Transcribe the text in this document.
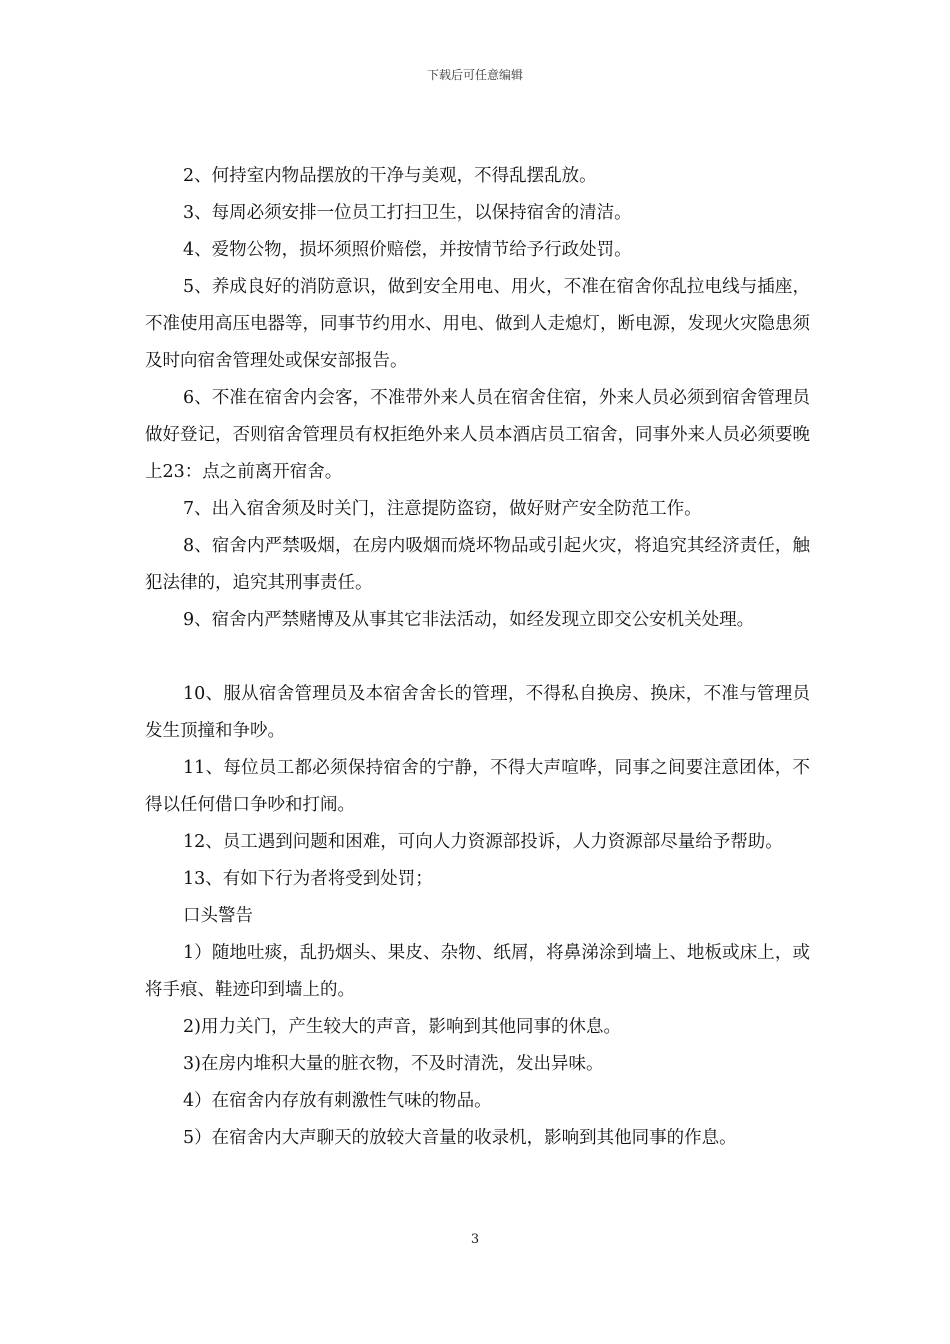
下载后可任意编辑

2、何持室内物品摆放的干净与美观，不得乱摆乱放。

3、每周必须安排一位员工打扫卫生，以保持宿舍的清洁。

4、爱物公物，损坏须照价赔偿，并按情节给予行政处罚。

5、养成良好的消防意识，做到安全用电、用火，不准在宿舍你乱拉电线与插座，不准使用高压电器等，同事节约用水、用电、做到人走熄灯，断电源，发现火灾隐患须及时向宿舍管理处或保安部报告。

6、不准在宿舍内会客，不准带外来人员在宿舍住宿，外来人员必须到宿舍管理员做好登记，否则宿舍管理员有权拒绝外来人员本酒店员工宿舍，同事外来人员必须要晚上23：点之前离开宿舍。

7、出入宿舍须及时关门，注意提防盗窃，做好财产安全防范工作。

8、宿舍内严禁吸烟，在房内吸烟而烧坏物品或引起火灾，将追究其经济责任，触犯法律的，追究其刑事责任。

9、宿舍内严禁赌博及从事其它非法活动，如经发现立即交公安机关处理。

10、服从宿舍管理员及本宿舍舍长的管理，不得私自换房、换床，不准与管理员发生顶撞和争吵。

11、每位员工都必须保持宿舍的宁静，不得大声喧哗，同事之间要注意团体，不得以任何借口争吵和打闹。

12、员工遇到问题和困难，可向人力资源部投诉，人力资源部尽量给予帮助。

13、有如下行为者将受到处罚；

口头警告

1）随地吐痰，乱扔烟头、果皮、杂物、纸屑，将鼻涕涂到墙上、地板或床上，或将手痕、鞋迹印到墙上的。

2)用力关门，产生较大的声音，影响到其他同事的休息。

3)在房内堆积大量的脏衣物，不及时清洗，发出异味。

4）在宿舍内存放有刺激性气味的物品。

5）在宿舍内大声聊天的放较大音量的收录机，影响到其他同事的作息。

3
